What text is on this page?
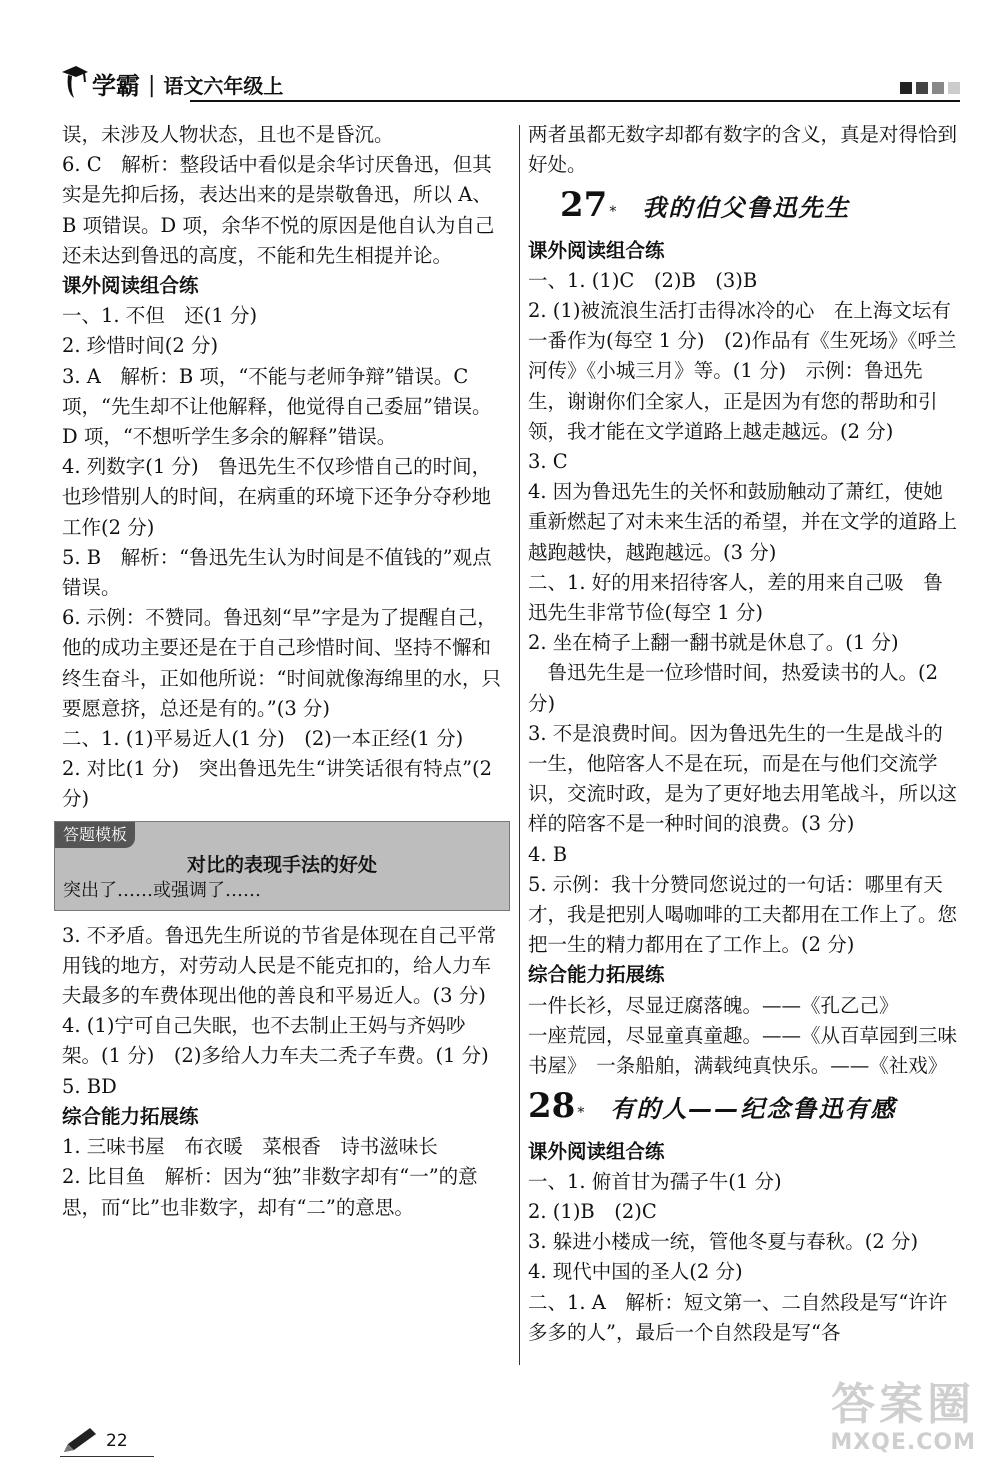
学霸 | 语文六年级上

误，未涉及人物状态，且也不是昏沉。

6. C　解析：整段话中看似是余华讨厌鲁迅，但其实是先抑后扬，表达出来的是崇敬鲁迅，所以 A、B 项错误。D 项，余华不悦的原因是他自认为自己还未达到鲁迅的高度，不能和先生相提并论。

课外阅读组合练

一、1. 不但　还(1 分)

2. 珍惜时间(2 分)

3. A　解析：B 项，“不能与老师争辩”错误。C 项，“先生却不让他解释，他觉得自己委屈”错误。D 项，“不想听学生多余的解释”错误。

4. 列数字(1 分)　鲁迅先生不仅珍惜自己的时间，也珍惜别人的时间，在病重的环境下还争分夺秒地工作(2 分)

5. B　解析：“鲁迅先生认为时间是不值钱的”观点错误。

6. 示例：不赞同。鲁迅刻“早”字是为了提醒自己，他的成功主要还是在于自己珍惜时间、坚持不懈和终生奋斗，正如他所说：“时间就像海绵里的水，只要愿意挤，总还是有的。”(3 分)

二、1. (1)平易近人(1 分)　(2)一本正经(1 分)

2. 对比(1 分)　突出鲁迅先生“讲笑话很有特点”(2 分)

答题模板
对比的表现手法的好处
突出了……或强调了……

3. 不矛盾。鲁迅先生所说的节省是体现在自己平常用钱的地方，对劳动人民是不能克扣的，给人力车夫最多的车费体现出他的善良和平易近人。(3 分)

4. (1)宁可自己失眠，也不去制止王妈与齐妈吵架。(1 分)　(2)多给人力车夫二秃子车费。(1 分)

5. BD

综合能力拓展练

1. 三味书屋　布衣暖　菜根香　诗书滋味长

2. 比目鱼　解析：因为“独”非数字却有“一”的意思，而“比”也非数字，却有“二”的意思。

两者虽都无数字却都有数字的含义，真是对得恰到好处。

27 * 我的伯父鲁迅先生

课外阅读组合练

一、1. (1)C　(2)B　(3)B

2. (1)被流浪生活打击得冰冷的心　在上海文坛有一番作为(每空 1 分)　(2)作品有《生死场》《呼兰河传》《小城三月》等。(1 分)　示例：鲁迅先生，谢谢你们全家人，正是因为有您的帮助和引领，我才能在文学道路上越走越远。(2 分)

3. C

4. 因为鲁迅先生的关怀和鼓励触动了萧红，使她重新燃起了对未来生活的希望，并在文学的道路上越跑越快，越跑越远。(3 分)

二、1. 好的用来招待客人，差的用来自己吸　鲁迅先生非常节俭(每空 1 分)

2. 坐在椅子上翻一翻书就是休息了。(1 分)

鲁迅先生是一位珍惜时间，热爱读书的人。(2 分)

3. 不是浪费时间。因为鲁迅先生的一生是战斗的一生，他陪客人不是在玩，而是在与他们交流学识，交流时政，是为了更好地去用笔战斗，所以这样的陪客不是一种时间的浪费。(3 分)

4. B

5. 示例：我十分赞同您说过的一句话：哪里有天才，我是把别人喝咖啡的工夫都用在工作上了。您把一生的精力都用在了工作上。(2 分)

综合能力拓展练

一件长衫，尽显迂腐落魄。——《孔乙己》

一座荒园，尽显童真童趣。——《从百草园到三味书屋》　一条船舶，满载纯真快乐。——《社戏》

28 * 有的人——纪念鲁迅有感

课外阅读组合练

一、1. 俯首甘为孺子牛(1 分)

2. (1)B　(2)C

3. 躲进小楼成一统，管他冬夏与春秋。(2 分)

4. 现代中国的圣人(2 分)

二、1. A　解析：短文第一、二自然段是写“许许多多的人”，最后一个自然段是写“各

22
答案圈
MXQE.COM
